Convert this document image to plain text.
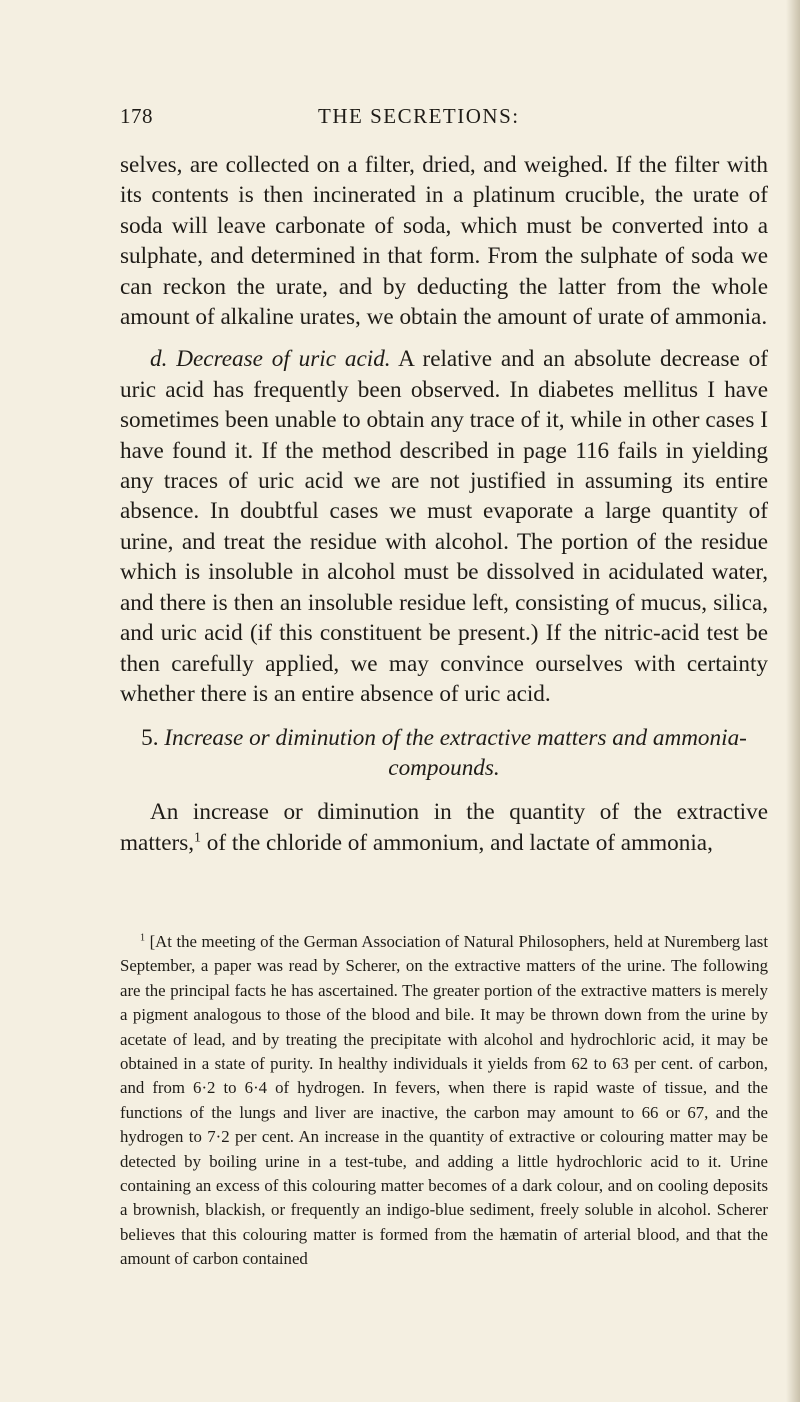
178	THE SECRETIONS:

selves, are collected on a filter, dried, and weighed. If the filter with its contents is then incinerated in a platinum crucible, the urate of soda will leave carbonate of soda, which must be converted into a sulphate, and determined in that form. From the sulphate of soda we can reckon the urate, and by deducting the latter from the whole amount of alkaline urates, we obtain the amount of urate of ammonia.

d. Decrease of uric acid. A relative and an absolute decrease of uric acid has frequently been observed. In diabetes mellitus I have sometimes been unable to obtain any trace of it, while in other cases I have found it. If the method described in page 116 fails in yielding any traces of uric acid we are not justified in assuming its entire absence. In doubtful cases we must evaporate a large quantity of urine, and treat the residue with alcohol. The portion of the residue which is insoluble in alcohol must be dissolved in acidulated water, and there is then an insoluble residue left, consisting of mucus, silica, and uric acid (if this constituent be present.) If the nitric-acid test be then carefully applied, we may convince ourselves with certainty whether there is an entire absence of uric acid.

5. Increase or diminution of the extractive matters and ammonia-compounds.

An increase or diminution in the quantity of the extractive matters,$^1$ of the chloride of ammonium, and lactate of ammonia,

$^1$ [At the meeting of the German Association of Natural Philosophers, held at Nuremberg last September, a paper was read by Scherer, on the extractive matters of the urine. The following are the principal facts he has ascertained. The greater portion of the extractive matters is merely a pigment analogous to those of the blood and bile. It may be thrown down from the urine by acetate of lead, and by treating the precipitate with alcohol and hydrochloric acid, it may be obtained in a state of purity. In healthy individuals it yields from 62 to 63 per cent. of carbon, and from 6·2 to 6·4 of hydrogen. In fevers, when there is rapid waste of tissue, and the functions of the lungs and liver are inactive, the carbon may amount to 66 or 67, and the hydrogen to 7·2 per cent. An increase in the quantity of extractive or colouring matter may be detected by boiling urine in a test-tube, and adding a little hydrochloric acid to it. Urine containing an excess of this colouring matter becomes of a dark colour, and on cooling deposits a brownish, blackish, or frequently an indigo-blue sediment, freely soluble in alcohol. Scherer believes that this colouring matter is formed from the hæmatin of arterial blood, and that the amount of carbon contained
